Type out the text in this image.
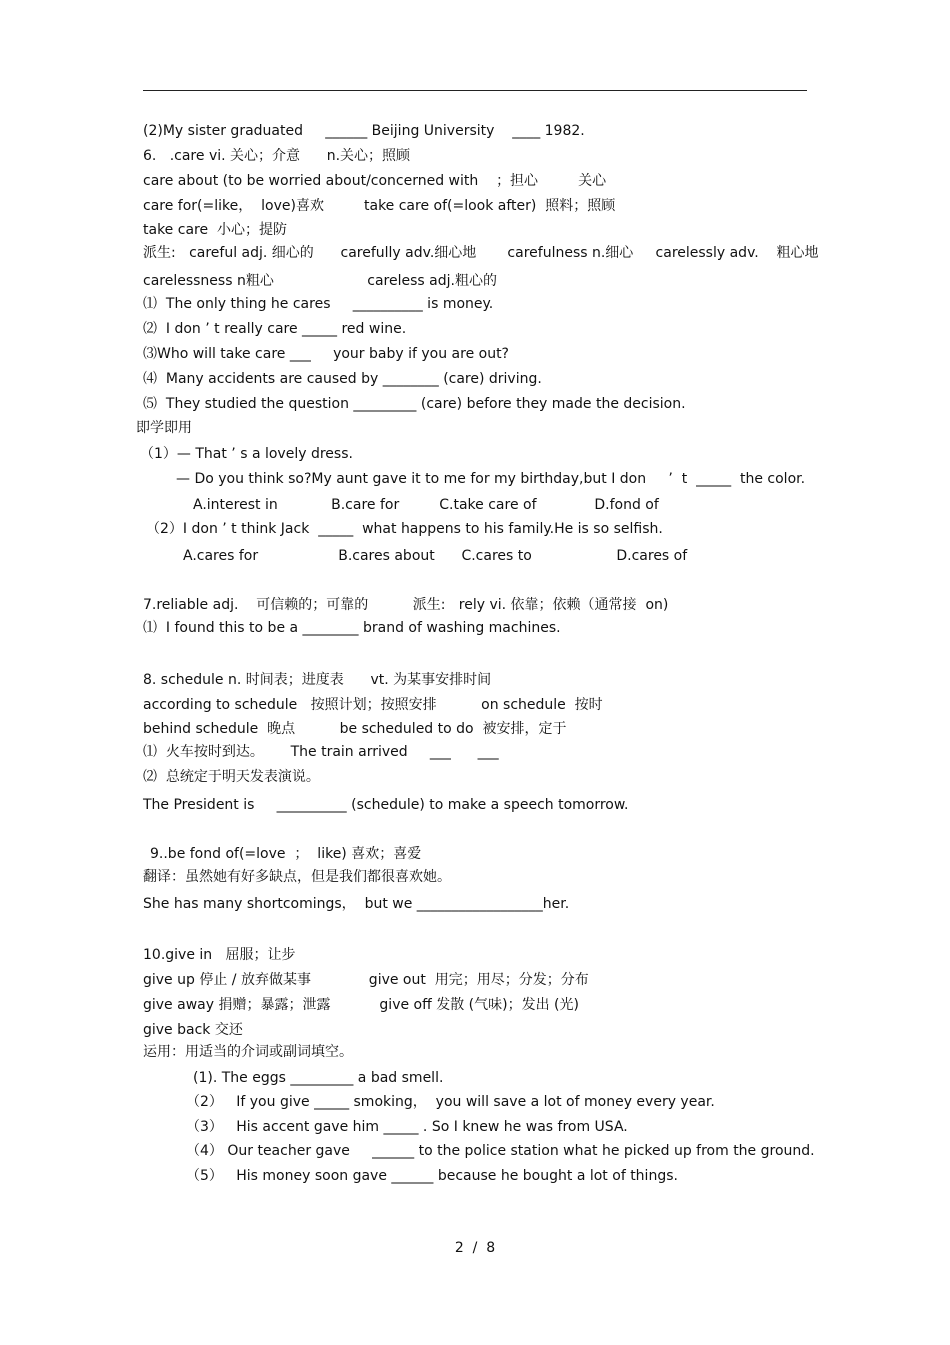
(2)My sister graduated     ______ Beijing University    ____ 1982.
6.   .care vi. 关心；介意      n.关心；照顾
care about (to be worried about/concerned with    ；担心         关心
care for(=like，  love)喜欢         take care of(=look after)  照料；照顾
take care  小心；提防
派生:   careful adj. 细心的      carefully adv.细心地       carefulness n.细心     carelessly adv.    粗心地
carelessness n粗心                     careless adj.粗心的
⑴  The only thing he cares     __________ is money.
⑵  I don ’ t really care _____ red wine.
⑶Who will take care ___     your baby if you are out?
⑷  Many accidents are caused by ________ (care) driving.
⑸  They studied the question _________ (care) before they made the decision.
即学即用
（1）— That ’ s a lovely dress.
— Do you think so?My aunt gave it to me for my birthday,but I don     ’  t  _____  the color.
A.interest in            B.care for         C.take care of             D.fond of
（2）I don ’ t think Jack  _____  what happens to his family.He is so selfish.
A.cares for                  B.cares about      C.cares to                   D.cares of
7.reliable adj.    可信赖的；可靠的          派生:   rely vi. 依靠；依赖（通常接  on)
⑴  I found this to be a ________ brand of washing machines.
8. schedule n. 时间表；进度表      vt. 为某事安排时间
according to schedule   按照计划；按照安排          on schedule  按时
behind schedule  晚点          be scheduled to do  被安排，定于
⑴  火车按时到达。      The train arrived     ___      ___
⑵  总统定于明天发表演说。
The President is     __________ (schedule) to make a speech tomorrow.
9..be fond of(=love  ；  like) 喜欢；喜爱
翻译：虽然她有好多缺点，但是我们都很喜欢她。
She has many shortcomings，  but we __________________her.
10.give in   屈服；让步
give up 停止 / 放弃做某事             give out  用完；用尽；分发；分布
give away 捐赠；暴露；泄露           give off 发散 (气味)；发出 (光)
give back 交还
运用：用适当的介词或副词填空。
(1). The eggs _________ a bad smell.
（2）   If you give _____ smoking，  you will save a lot of money every year.
（3）   His accent gave him _____ . So I knew he was from USA.
（4） Our teacher gave     ______ to the police station what he picked up from the ground.
（5）   His money soon gave ______ because he bought a lot of things.
2  /  8
